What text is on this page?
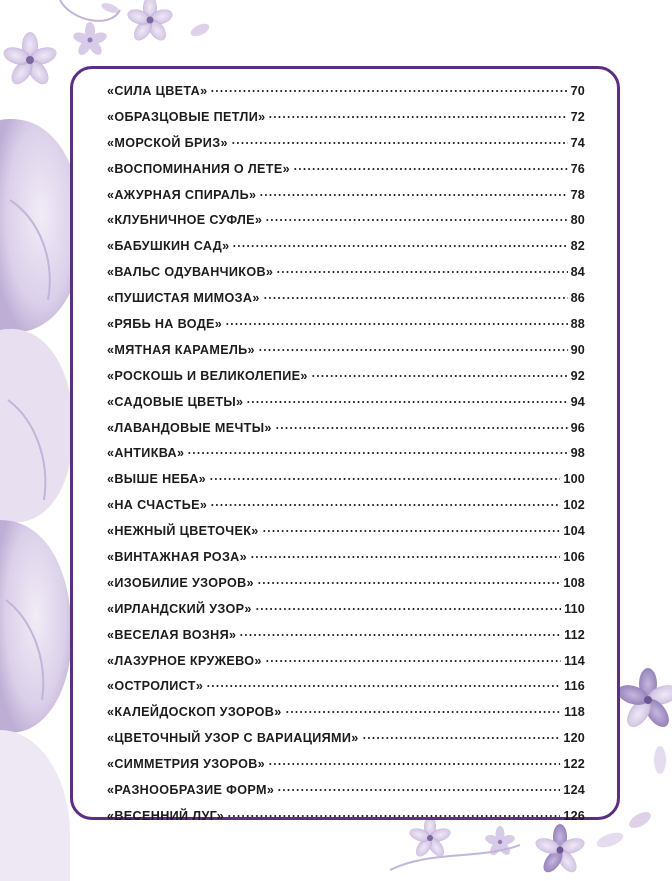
«СИЛА ЦВЕТА»	70
«ОБРАЗЦОВЫЕ ПЕТЛИ»	72
«МОРСКОЙ БРИЗ»	74
«ВОСПОМИНАНИЯ О ЛЕТЕ»	76
«АЖУРНАЯ СПИРАЛЬ»	78
«КЛУБНИЧНОЕ СУФЛЕ»	80
«БАБУШКИН САД»	82
«ВАЛЬС ОДУВАНЧИКОВ»	84
«ПУШИСТАЯ МИМОЗА»	86
«РЯБЬ НА ВОДЕ»	88
«МЯТНАЯ КАРАМЕЛЬ»	90
«РОСКОШЬ И ВЕЛИКОЛЕПИЕ»	92
«САДОВЫЕ ЦВЕТЫ»	94
«ЛАВАНДОВЫЕ МЕЧТЫ»	96
«АНТИКВА»	98
«ВЫШЕ НЕБА»	100
«НА СЧАСТЬЕ»	102
«НЕЖНЫЙ ЦВЕТОЧЕК»	104
«ВИНТАЖНАЯ РОЗА»	106
«ИЗОБИЛИЕ УЗОРОВ»	108
«ИРЛАНДСКИЙ УЗОР»	110
«ВЕСЕЛАЯ ВОЗНЯ»	112
«ЛАЗУРНОЕ КРУЖЕВО»	114
«ОСТРОЛИСТ»	116
«КАЛЕЙДОСКОП УЗОРОВ»	118
«ЦВЕТОЧНЫЙ УЗОР С ВАРИАЦИЯМИ»	120
«СИММЕТРИЯ УЗОРОВ»	122
«РАЗНООБРАЗИЕ ФОРМ»	124
«ВЕСЕННИЙ ЛУГ»	126
